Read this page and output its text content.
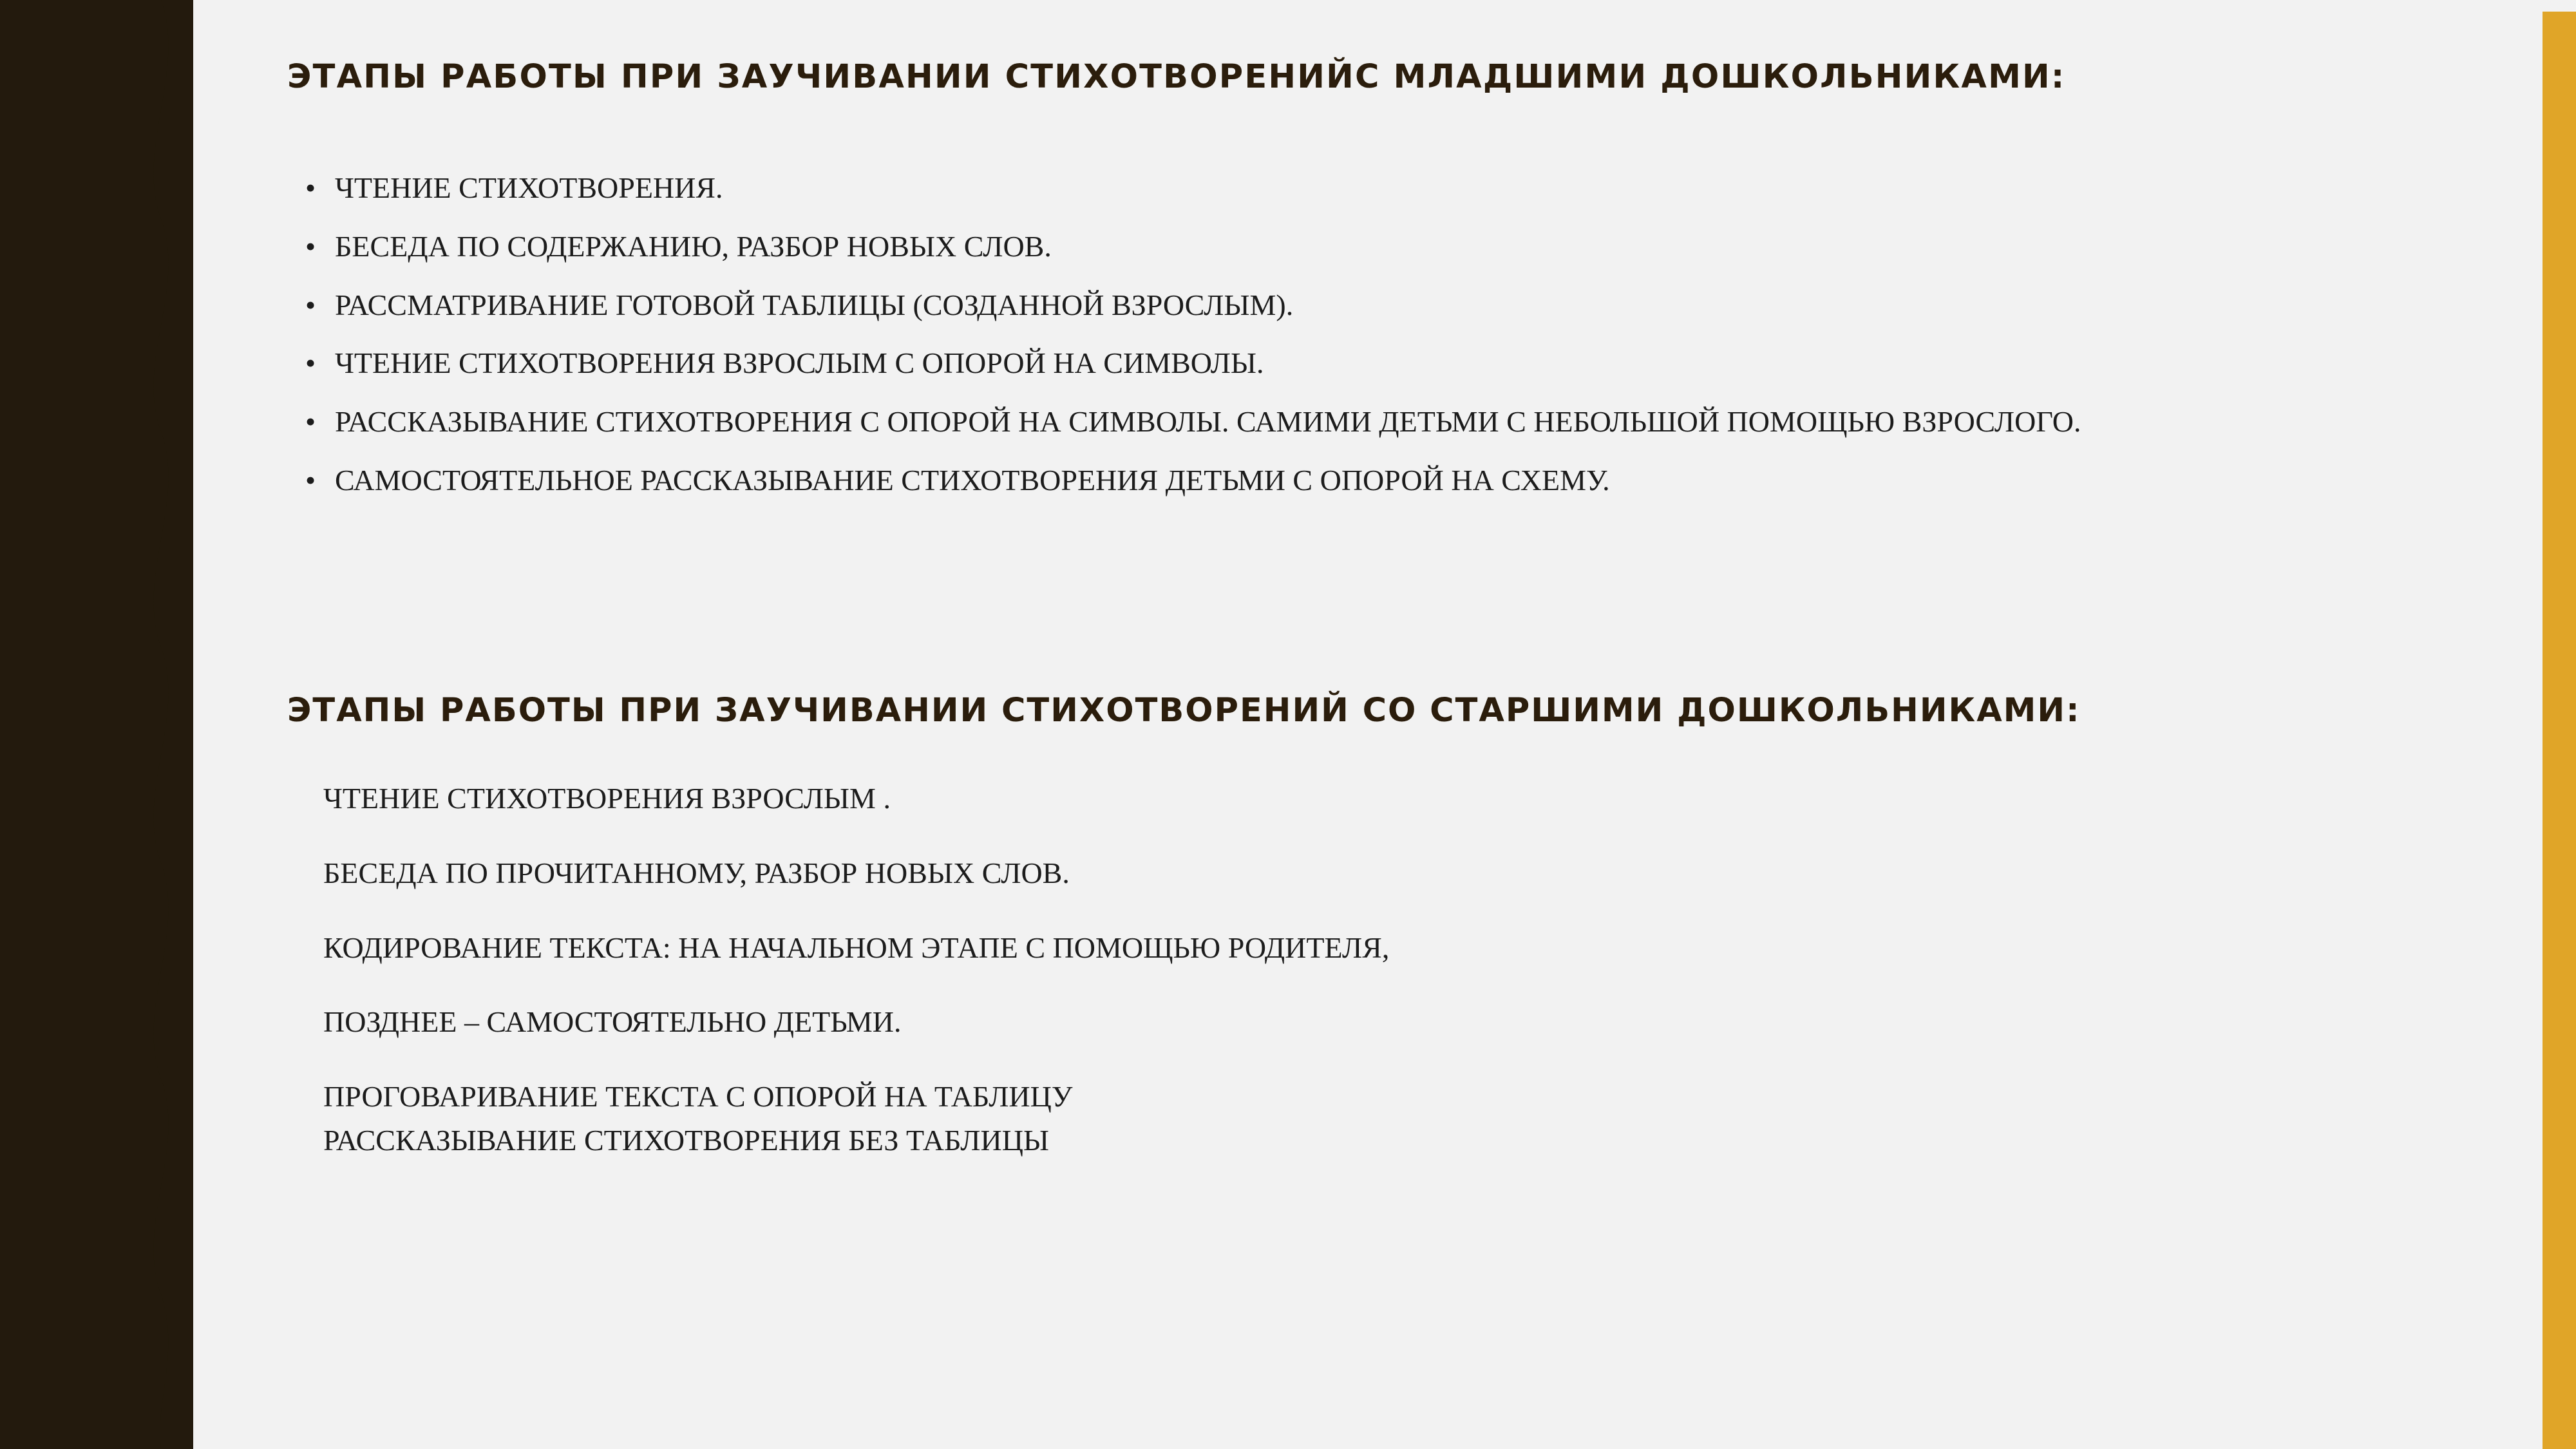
ЭТАПЫ РАБОТЫ ПРИ ЗАУЧИВАНИИ СТИХОТВОРЕНИЙС МЛАДШИМИ ДОШКОЛЬНИКАМИ:
• ЧТЕНИЕ СТИХОТВОРЕНИЯ.
• БЕСЕДА ПО СОДЕРЖАНИЮ, РАЗБОР НОВЫХ СЛОВ.
• РАССМАТРИВАНИЕ ГОТОВОЙ ТАБЛИЦЫ (СОЗДАННОЙ ВЗРОСЛЫМ).
• ЧТЕНИЕ СТИХОТВОРЕНИЯ ВЗРОСЛЫМ С ОПОРОЙ НА СИМВОЛЫ.
• РАССКАЗЫВАНИЕ СТИХОТВОРЕНИЯ С ОПОРОЙ НА СИМВОЛЫ. САМИМИ ДЕТЬМИ С НЕБОЛЬШОЙ ПОМОЩЬЮ ВЗРОСЛОГО.
• САМОСТОЯТЕЛЬНОЕ РАССКАЗЫВАНИЕ СТИХОТВОРЕНИЯ ДЕТЬМИ С ОПОРОЙ НА СХЕМУ.
ЭТАПЫ РАБОТЫ ПРИ ЗАУЧИВАНИИ СТИХОТВОРЕНИЙ СО СТАРШИМИ ДОШКОЛЬНИКАМИ:
ЧТЕНИЕ СТИХОТВОРЕНИЯ ВЗРОСЛЫМ .
БЕСЕДА ПО ПРОЧИТАННОМУ, РАЗБОР НОВЫХ СЛОВ.
КОДИРОВАНИЕ ТЕКСТА: НА НАЧАЛЬНОМ ЭТАПЕ С ПОМОЩЬЮ РОДИТЕЛЯ,
ПОЗДНЕЕ – САМОСТОЯТЕЛЬНО ДЕТЬМИ.
ПРОГОВАРИВАНИЕ ТЕКСТА С ОПОРОЙ НА ТАБЛИЦУ
РАССКАЗЫВАНИЕ СТИХОТВОРЕНИЯ БЕЗ ТАБЛИЦЫ
